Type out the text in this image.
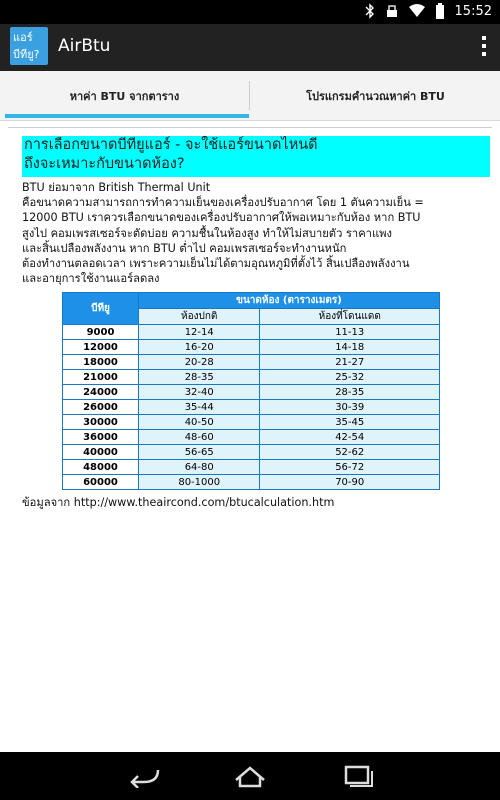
15:52
แอร์
บีทียู? AirBtu
หาค่า BTU จากตาราง	โปรแกรมคำนวณหาค่า BTU
การเลือกขนาดบีทียูแอร์ - จะใช้แอร์ขนาดไหนดี
ถึงจะเหมาะกับขนาดห้อง?
BTU ย่อมาจาก British Thermal Unit
คือขนาดความสามารถการทำความเย็นของเครื่องปรับอากาศ โดย 1 ตันความเย็น =
12000 BTU เราควรเลือกขนาดของเครื่องปรับอากาศให้พอเหมาะกับห้อง หาก BTU
สูงไป คอมเพรสเซอร์จะตัดบ่อย ความชื้นในห้องสูง ทำให้ไม่สบายตัว ราคาแพง
และสิ้นเปลืองพลังงาน หาก BTU ต่ำไป คอมเพรสเซอร์จะทำงานหนัก
ต้องทำงานตลอดเวลา เพราะความเย็นไม่ได้ตามอุณหภูมิที่ตั้งไว้ สิ้นเปลืองพลังงาน
และอายุการใช้งานแอร์ลดลง
บีทียู	ขนาดห้อง (ตารางเมตร)	
	ห้องปกติ	ห้องที่โดนแดด
9000	12-14	11-13
12000	16-20	14-18
18000	20-28	21-27
21000	28-35	25-32
24000	32-40	28-35
26000	35-44	30-39
30000	40-50	35-45
36000	48-60	42-54
40000	56-65	52-62
48000	64-80	56-72
60000	80-1000	70-90
ข้อมูลจาก http://www.theaircond.com/btucalculation.htm
